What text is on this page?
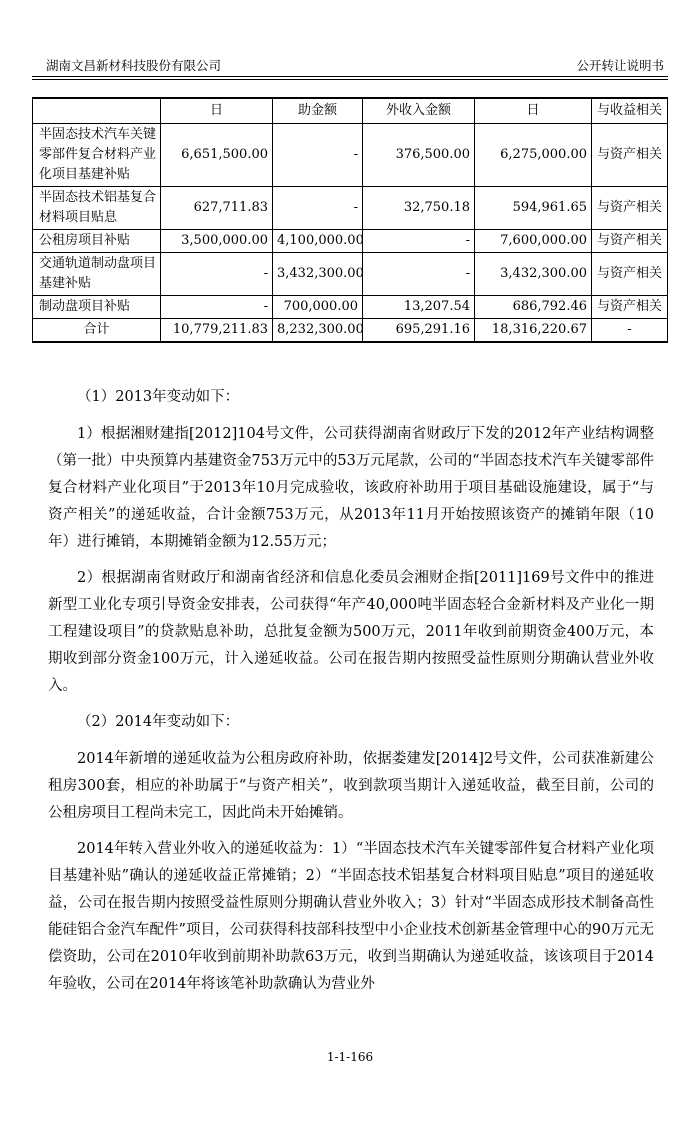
湖南文昌新材科技股份有限公司	公开转让说明书
	日	助金额	外收入金额	日	与收益相关
半固态技术汽车关键零部件复合材料产业化项目基建补贴	6,651,500.00	-	376,500.00	6,275,000.00	与资产相关
半固态技术铝基复合材料项目贴息	627,711.83	-	32,750.18	594,961.65	与资产相关
公租房项目补贴	3,500,000.00	4,100,000.00	-	7,600,000.00	与资产相关
交通轨道制动盘项目基建补贴	-	3,432,300.00	-	3,432,300.00	与资产相关
制动盘项目补贴	-	700,000.00	13,207.54	686,792.46	与资产相关
合计	10,779,211.83	8,232,300.00	695,291.16	18,316,220.67	-

（1）2013年变动如下：

1）根据湘财建指[2012]104号文件，公司获得湖南省财政厅下发的2012年产业结构调整（第一批）中央预算内基建资金753万元中的53万元尾款，公司的“半固态技术汽车关键零部件复合材料产业化项目”于2013年10月完成验收，该政府补助用于项目基础设施建设，属于“与资产相关”的递延收益，合计金额753万元，从2013年11月开始按照该资产的摊销年限（10年）进行摊销，本期摊销金额为12.55万元；

2）根据湖南省财政厅和湖南省经济和信息化委员会湘财企指[2011]169号文件中的推进新型工业化专项引导资金安排表，公司获得“年产40,000吨半固态轻合金新材料及产业化一期工程建设项目”的贷款贴息补助，总批复金额为500万元，2011年收到前期资金400万元，本期收到部分资金100万元，计入递延收益。公司在报告期内按照受益性原则分期确认营业外收入。

（2）2014年变动如下：

2014年新增的递延收益为公租房政府补助，依据娄建发[2014]2号文件，公司获准新建公租房300套，相应的补助属于“与资产相关”，收到款项当期计入递延收益，截至目前，公司的公租房项目工程尚未完工，因此尚未开始摊销。

2014年转入营业外收入的递延收益为：1）“半固态技术汽车关键零部件复合材料产业化项目基建补贴”确认的递延收益正常摊销；2）“半固态技术铝基复合材料项目贴息”项目的递延收益，公司在报告期内按照受益性原则分期确认营业外收入；3）针对“半固态成形技术制备高性能硅铝合金汽车配件”项目，公司获得科技部科技型中小企业技术创新基金管理中心的90万元无偿资助，公司在2010年收到前期补助款63万元，收到当期确认为递延收益，该该项目于2014年验收，公司在2014年将该笔补助款确认为营业外

1-1-166
